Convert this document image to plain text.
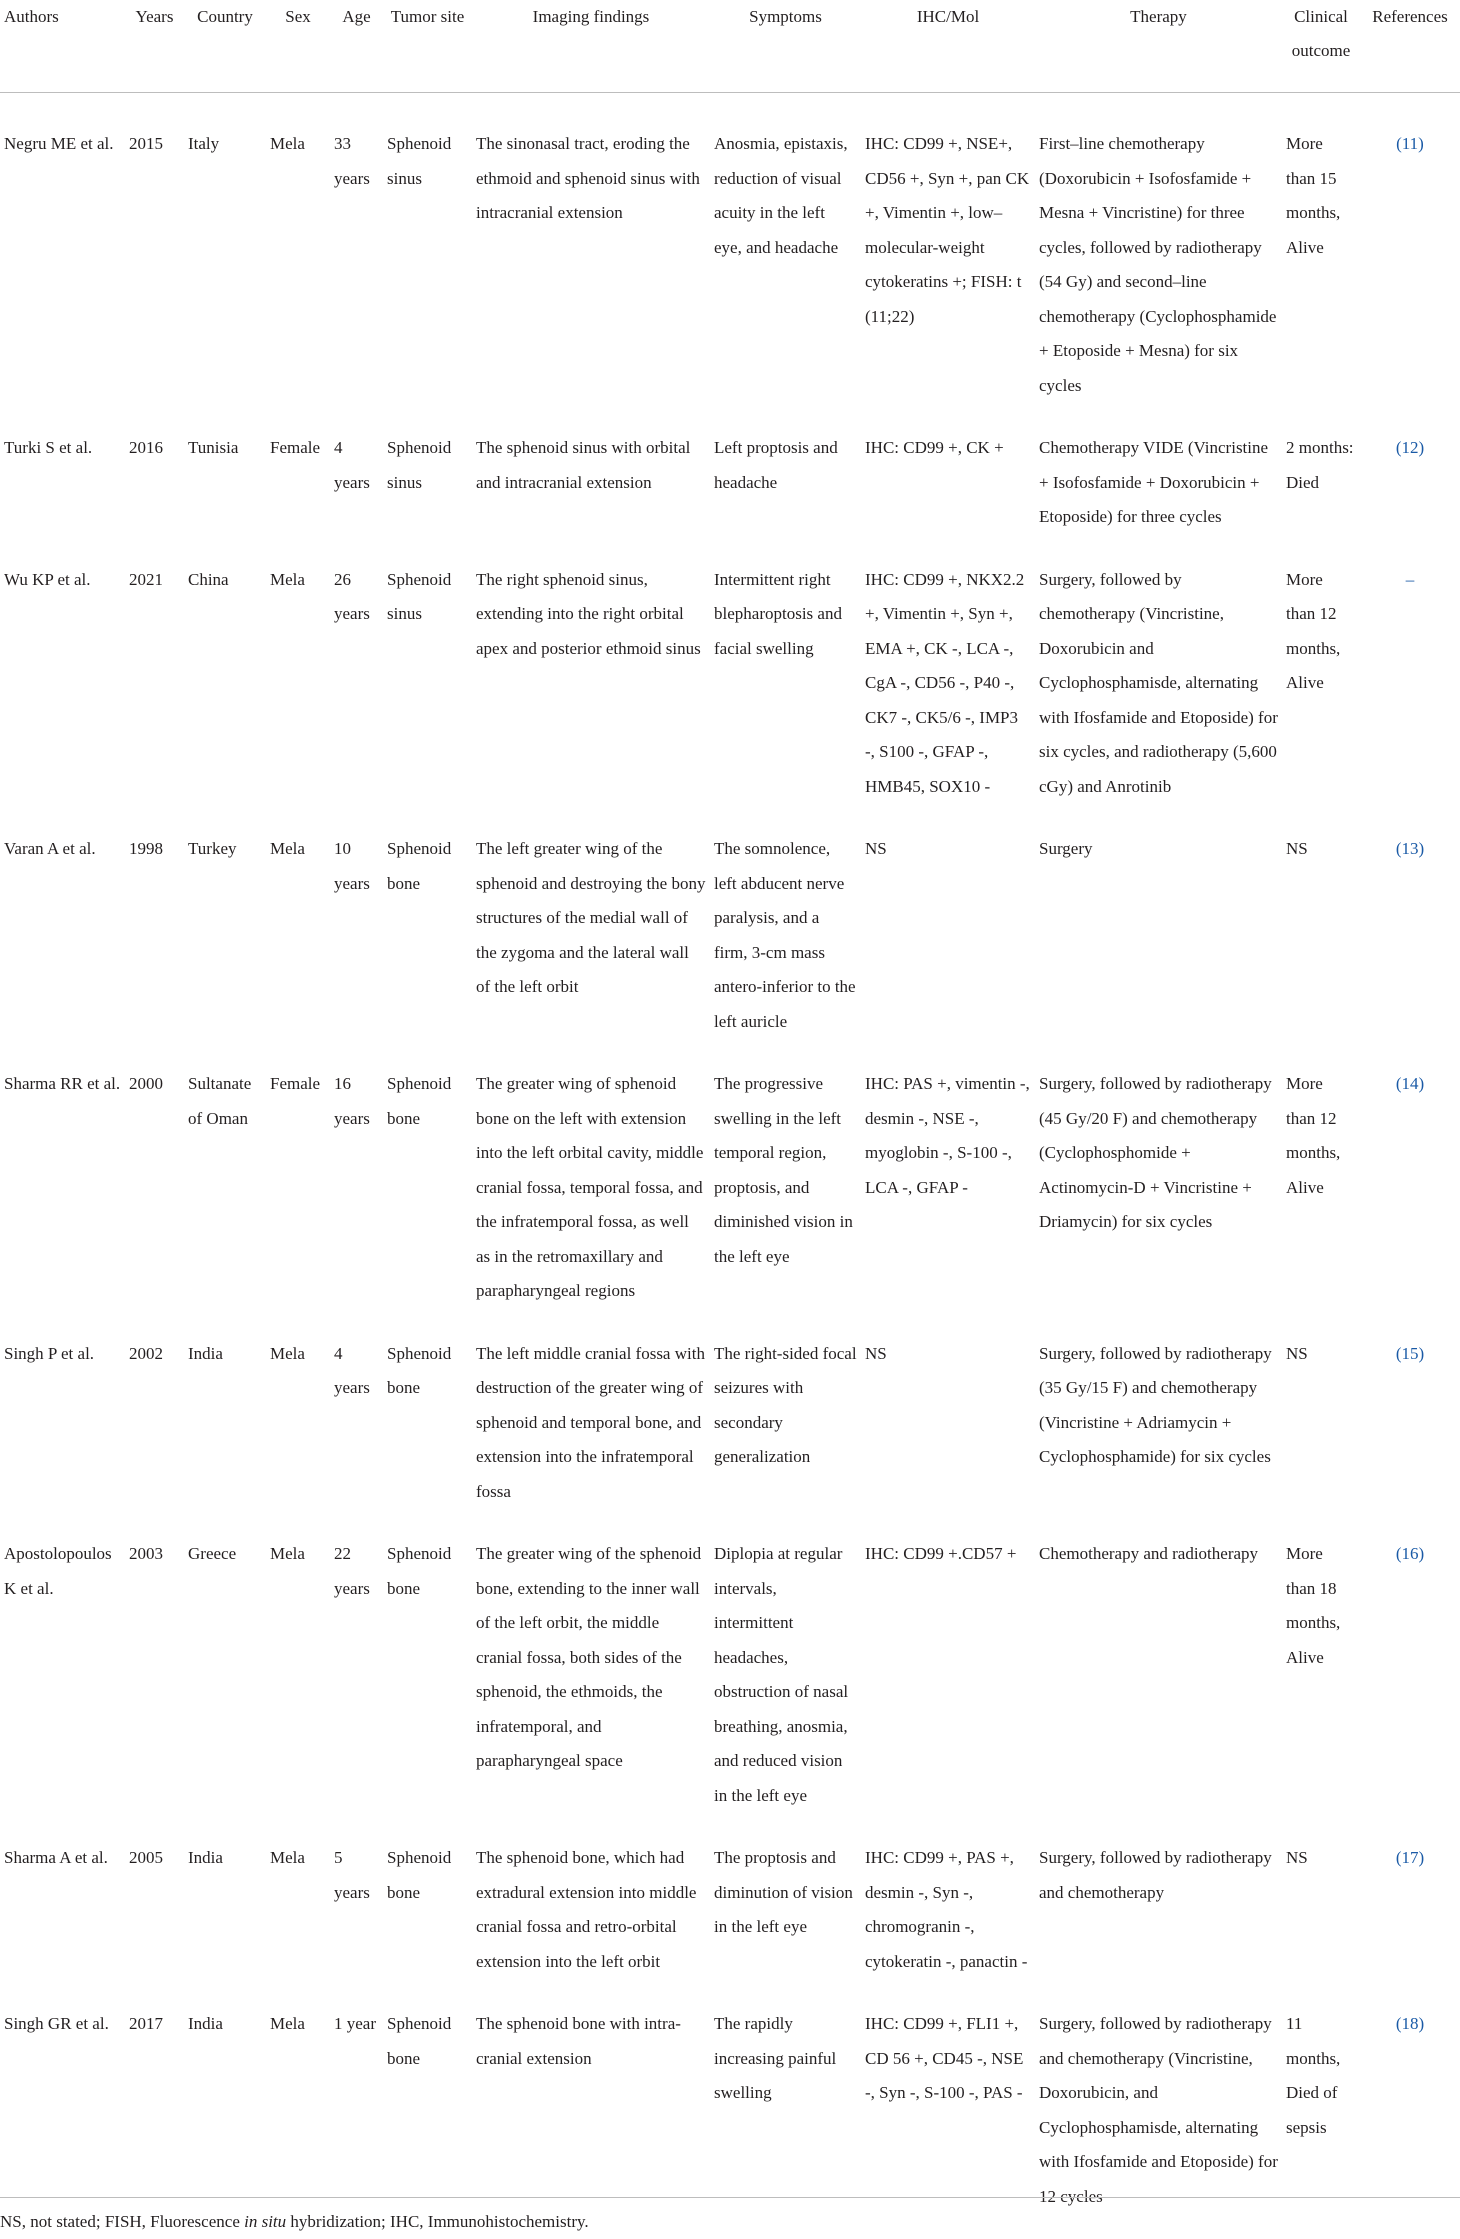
Authors	Years	Country	Sex	Age	Tumor site	Imaging findings	Symptoms	IHC/Mol	Therapy	Clinical outcome	References
Negru ME et al.	2015	Italy	Mela	33 years	Sphenoid sinus	The sinonasal tract, eroding the ethmoid and sphenoid sinus with intracranial extension	Anosmia, epistaxis, reduction of visual acuity in the left eye, and headache	IHC: CD99 +, NSE+, CD56 +, Syn +, pan CK +, Vimentin +, low–molecular-weight cytokeratins +; FISH: t (11;22)	First–line chemotherapy (Doxorubicin + Isofosfamide + Mesna + Vincristine) for three cycles, followed by radiotherapy (54 Gy) and second–line chemotherapy (Cyclophosphamide + Etoposide + Mesna) for six cycles	More than 15 months, Alive	(11)
Turki S et al.	2016	Tunisia	Female	4 years	Sphenoid sinus	The sphenoid sinus with orbital and intracranial extension	Left proptosis and headache	IHC: CD99 +, CK +	Chemotherapy VIDE (Vincristine + Isofosfamide + Doxorubicin + Etoposide) for three cycles	2 months: Died	(12)
Wu KP et al.	2021	China	Mela	26 years	Sphenoid sinus	The right sphenoid sinus, extending into the right orbital apex and posterior ethmoid sinus	Intermittent right blepharoptosis and facial swelling	IHC: CD99 +, NKX2.2 +, Vimentin +, Syn +, EMA +, CK -, LCA -, CgA -, CD56 -, P40 -, CK7 -, CK5/6 -, IMP3 -, S100 -, GFAP -, HMB45, SOX10 -	Surgery, followed by chemotherapy (Vincristine, Doxorubicin and Cyclophosphamisde, alternating with Ifosfamide and Etoposide) for six cycles, and radiotherapy (5,600 cGy) and Anrotinib	More than 12 months, Alive	–
Varan A et al.	1998	Turkey	Mela	10 years	Sphenoid bone	The left greater wing of the sphenoid and destroying the bony structures of the medial wall of the zygoma and the lateral wall of the left orbit	The somnolence, left abducent nerve paralysis, and a firm, 3-cm mass antero-inferior to the left auricle	NS	Surgery	NS	(13)
Sharma RR et al.	2000	Sultanate of Oman	Female	16 years	Sphenoid bone	The greater wing of sphenoid bone on the left with extension into the left orbital cavity, middle cranial fossa, temporal fossa, and the infratemporal fossa, as well as in the retromaxillary and parapharyngeal regions	The progressive swelling in the left temporal region, proptosis, and diminished vision in the left eye	IHC: PAS +, vimentin -, desmin -, NSE -, myoglobin -, S-100 -, LCA -, GFAP -	Surgery, followed by radiotherapy (45 Gy/20 F) and chemotherapy (Cyclophosphomide + Actinomycin-D + Vincristine + Driamycin) for six cycles	More than 12 months, Alive	(14)
Singh P et al.	2002	India	Mela	4 years	Sphenoid bone	The left middle cranial fossa with destruction of the greater wing of sphenoid and temporal bone, and extension into the infratemporal fossa	The right-sided focal seizures with secondary generalization	NS	Surgery, followed by radiotherapy (35 Gy/15 F) and chemotherapy (Vincristine + Adriamycin + Cyclophosphamide) for six cycles	NS	(15)
Apostolopoulos K et al.	2003	Greece	Mela	22 years	Sphenoid bone	The greater wing of the sphenoid bone, extending to the inner wall of the left orbit, the middle cranial fossa, both sides of the sphenoid, the ethmoids, the infratemporal, and parapharyngeal space	Diplopia at regular intervals, intermittent headaches, obstruction of nasal breathing, anosmia, and reduced vision in the left eye	IHC: CD99 +.CD57 +	Chemotherapy and radiotherapy	More than 18 months, Alive	(16)
Sharma A et al.	2005	India	Mela	5 years	Sphenoid bone	The sphenoid bone, which had extradural extension into middle cranial fossa and retro-orbital extension into the left orbit	The proptosis and diminution of vision in the left eye	IHC: CD99 +, PAS +, desmin -, Syn -, chromogranin -, cytokeratin -, panactin -	Surgery, followed by radiotherapy and chemotherapy	NS	(17)
Singh GR et al.	2017	India	Mela	1 year	Sphenoid bone	The sphenoid bone with intra-cranial extension	The rapidly increasing painful swelling	IHC: CD99 +, FLI1 +, CD 56 +, CD45 -, NSE -, Syn -, S-100 -, PAS -	Surgery, followed by radiotherapy and chemotherapy (Vincristine, Doxorubicin, and Cyclophosphamisde, alternating with Ifosfamide and Etoposide) for 12 cycles	11 months, Died of sepsis	(18)
NS, not stated; FISH, Fluorescence in situ hybridization; IHC, Immunohistochemistry.
